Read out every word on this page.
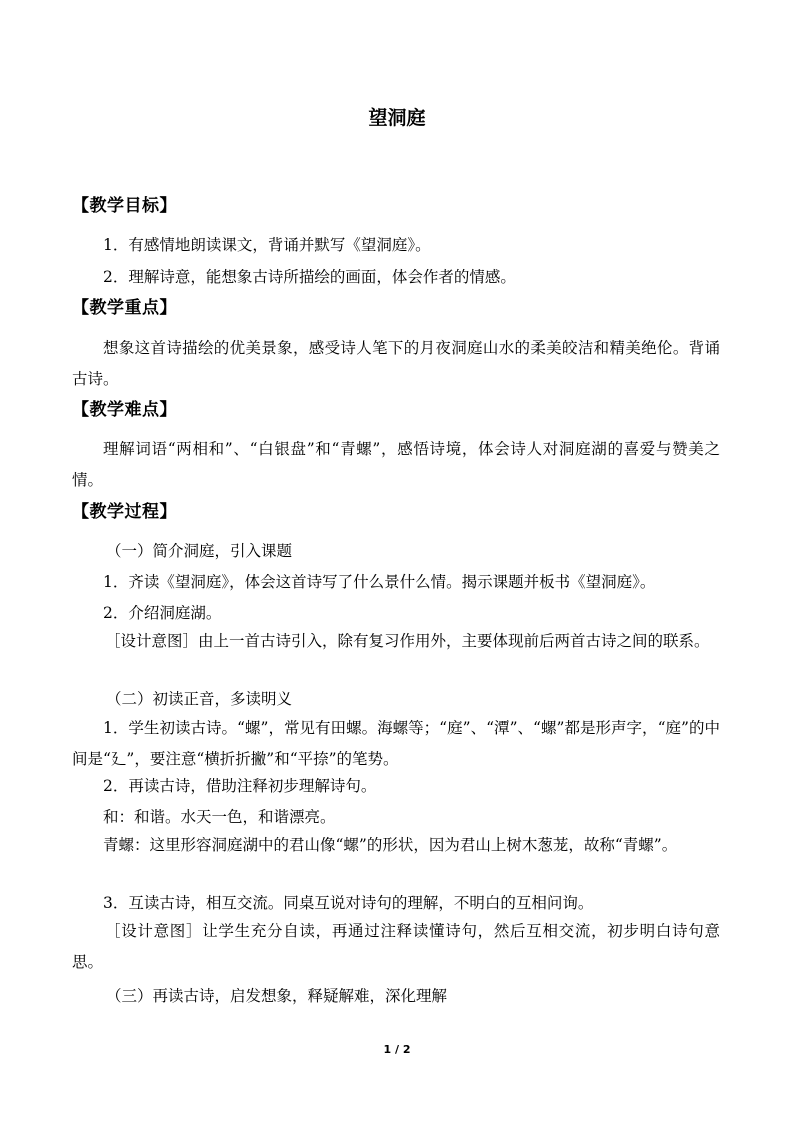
望洞庭
【教学目标】
1．有感情地朗读课文，背诵并默写《望洞庭》。
2．理解诗意，能想象古诗所描绘的画面，体会作者的情感。
【教学重点】
想象这首诗描绘的优美景象，感受诗人笔下的月夜洞庭山水的柔美皎洁和精美绝伦。背诵古诗。
【教学难点】
理解词语“两相和”、“白银盘”和“青螺”，感悟诗境，体会诗人对洞庭湖的喜爱与赞美之情。
【教学过程】
（一）简介洞庭，引入课题
1．齐读《望洞庭》，体会这首诗写了什么景什么情。揭示课题并板书《望洞庭》。
2．介绍洞庭湖。
［设计意图］由上一首古诗引入，除有复习作用外，主要体现前后两首古诗之间的联系。
（二）初读正音，多读明义
1．学生初读古诗。“螺”，常见有田螺。海螺等；“庭”、“潭”、“螺”都是形声字，“庭”的中间是“廴”，要注意“横折折撇”和“平捺”的笔势。
2．再读古诗，借助注释初步理解诗句。
和：和谐。水天一色，和谐漂亮。
青螺：这里形容洞庭湖中的君山像“螺”的形状，因为君山上树木葱茏，故称“青螺”。
3．互读古诗，相互交流。同桌互说对诗句的理解，不明白的互相问询。
［设计意图］让学生充分自读，再通过注释读懂诗句，然后互相交流，初步明白诗句意思。
（三）再读古诗，启发想象，释疑解难，深化理解
1 / 2
